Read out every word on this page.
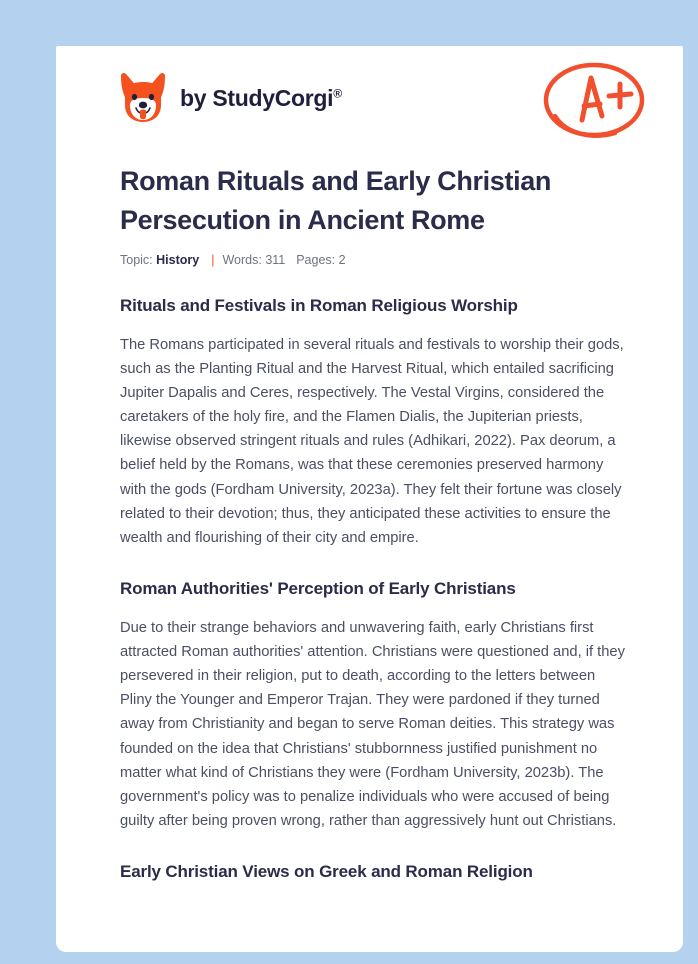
by StudyCorgi®
Roman Rituals and Early Christian Persecution in Ancient Rome
Topic: History | Words: 311 Pages: 2
Rituals and Festivals in Roman Religious Worship

The Romans participated in several rituals and festivals to worship their gods, such as the Planting Ritual and the Harvest Ritual, which entailed sacrificing Jupiter Dapalis and Ceres, respectively. The Vestal Virgins, considered the caretakers of the holy fire, and the Flamen Dialis, the Jupiterian priests, likewise observed stringent rituals and rules (Adhikari, 2022). Pax deorum, a belief held by the Romans, was that these ceremonies preserved harmony with the gods (Fordham University, 2023a). They felt their fortune was closely related to their devotion; thus, they anticipated these activities to ensure the wealth and flourishing of their city and empire.

Roman Authorities' Perception of Early Christians

Due to their strange behaviors and unwavering faith, early Christians first attracted Roman authorities' attention. Christians were questioned and, if they persevered in their religion, put to death, according to the letters between Pliny the Younger and Emperor Trajan. They were pardoned if they turned away from Christianity and began to serve Roman deities. This strategy was founded on the idea that Christians' stubbornness justified punishment no matter what kind of Christians they were (Fordham University, 2023b). The government's policy was to penalize individuals who were accused of being guilty after being proven wrong, rather than aggressively hunt out Christians.

Early Christian Views on Greek and Roman Religion
